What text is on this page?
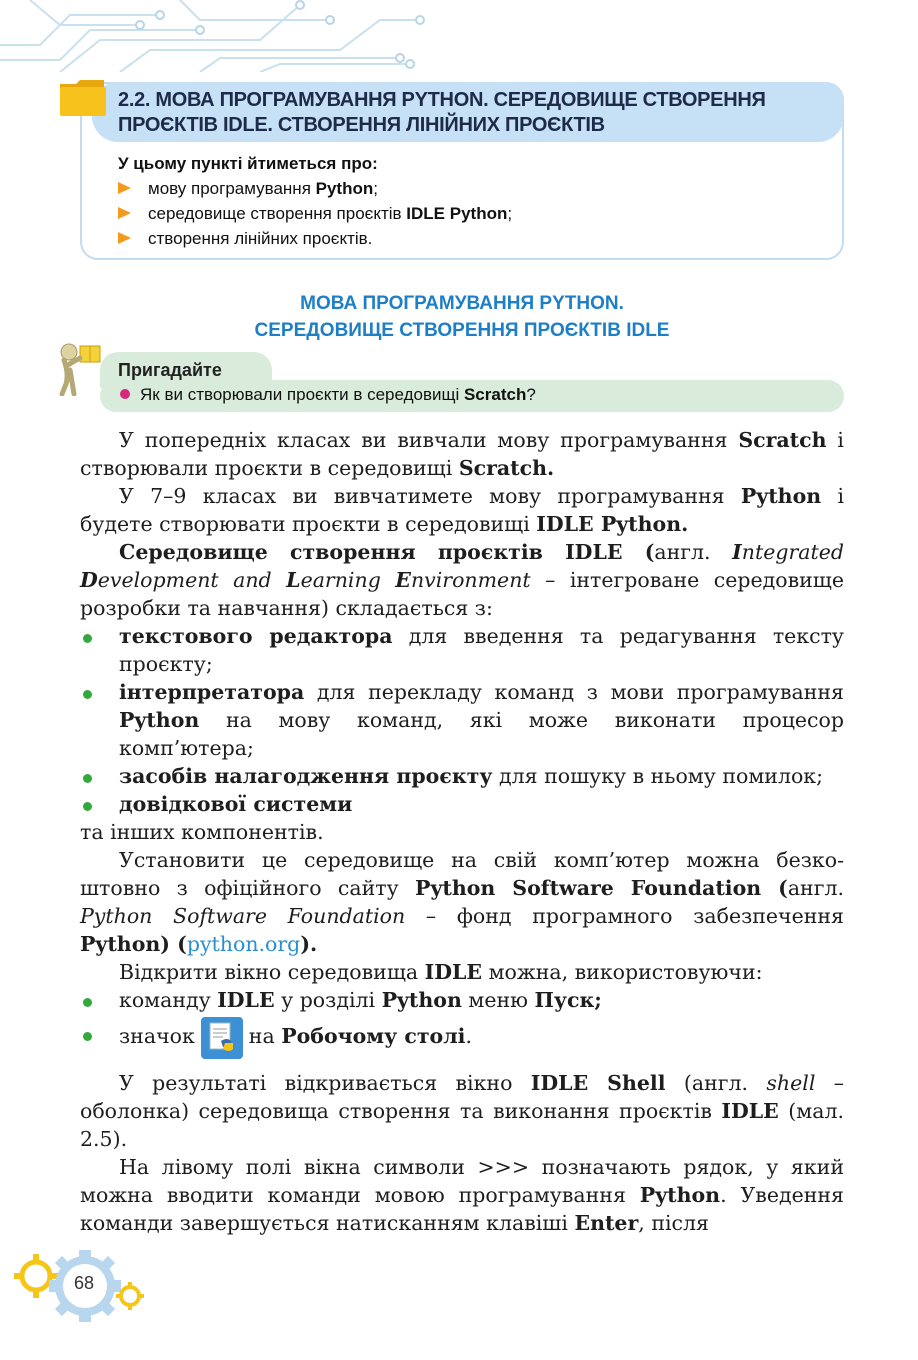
2.2. МОВА ПРОГРАМУВАННЯ PYTHON. СЕРЕДОВИЩЕ СТВОРЕННЯ ПРОЄКТІВ IDLE. СТВОРЕННЯ ЛІНІЙНИХ ПРОЄКТІВ
У цьому пункті йтиметься про:
мову програмування Python;
середовище створення проєктів IDLE Python;
створення лінійних проєктів.
МОВА ПРОГРАМУВАННЯ PYTHON.
СЕРЕДОВИЩЕ СТВОРЕННЯ ПРОЄКТІВ IDLE
Пригадайте
Як ви створювали проєкти в середовищі Scratch?

У попередніх класах ви вивчали мову програмування Scratch і створювали проєкти в середовищі Scratch.

У 7–9 класах ви вивчатимете мову програмування Python і будете створювати проєкти в середовищі IDLE Python.

Середовище створення проєктів IDLE (англ. Integrated Development and Learning Environment – інтегроване середовище розробки та навчання) складається з:

текстового редактора для введення та редагування тексту проєкту;

інтерпретатора для перекладу команд з мови програмування Python на мову команд, які може виконати процесор комп’ютера;

засобів налагодження проєкту для пошуку в ньому помилок;

довідкової системи

та інших компонентів.

Установити це середовище на свій комп’ютер можна безкоштовно з офіційного сайту Python Software Foundation (англ. Python Software Foundation – фонд програмного забезпечення Python) (python.org).

Відкрити вікно середовища IDLE можна, використовуючи:

команду IDLE у розділі Python меню Пуск;

значок	на Робочому столі.

У результаті відкривається вікно IDLE Shell (англ. shell – оболонка) середовища створення та виконання проєктів IDLE (мал. 2.5).

На лівому полі вікна символи >>> позначають рядок, у який можна вводити команди мовою програмування Python. Уведення команди завершується натисканням клавіші Enter, після

68
